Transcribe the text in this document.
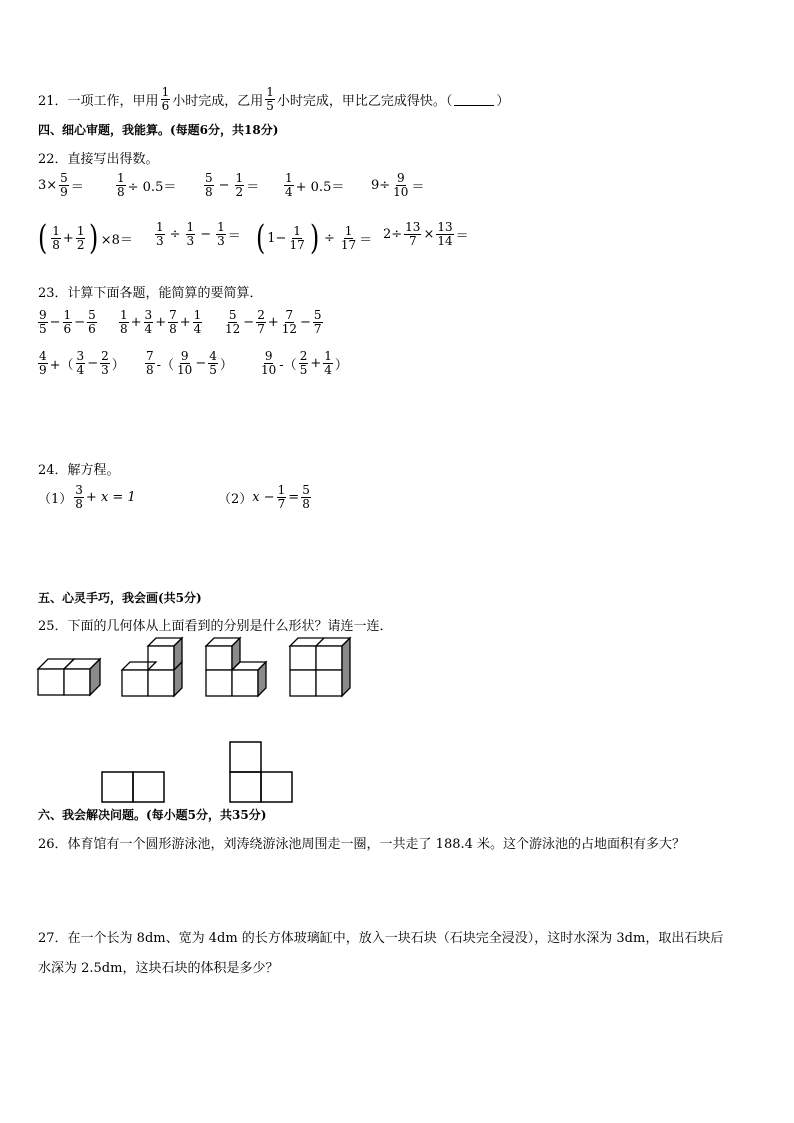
21． 一项工作，甲用 $\frac{1}{6}$ 小时完成，乙用 $\frac{1}{5}$ 小时完成，甲比乙完成得快。（	）
四、细心审题，我能算。(每题6分，共18分)
22．直接写出得数。
$3\times \frac{5}{9}$ ＝	$\frac{1}{8} \div 0.5= \frac{5}{8} - \frac{1}{2} = \frac{1}{4} + 0.5= 9\div \frac{9}{10}$ ＝
( $\frac{1}{8} + \frac{1}{2}$ ) $\times 8= \frac{1}{3} \div \frac{1}{3} - \frac{1}{3}$ ＝ ( $1- \frac{1}{17}$ ) ÷ $\frac{1}{17} = 2\div \frac{13}{7} \times \frac{13}{14}$ ＝
23．计算下面各题，能简算的要简算．
$\frac{9}{5} - \frac{1}{6} - \frac{5}{6} \frac{1}{8} + \frac{3}{4} + \frac{7}{8} + \frac{1}{4} \frac{5}{12} - \frac{2}{7} + \frac{7}{12} - \frac{5}{7}$
$\frac{4}{9}$ +（ $\frac{3}{4} - \frac{2}{3}$ ） $\frac{7}{8}$ -（ $\frac{9}{10} - \frac{4}{5}$ ） $\frac{9}{10}$ -（ $\frac{2}{5} + \frac{1}{4}$ ）
24．解方程。
$(1) \frac{3}{8} + x = 1$	（2） $x - \frac{1}{7} = \frac{5}{8}$
五、心灵手巧，我会画(共5分)
25．下面的几何体从上面看到的分别是什么形状？请连一连．
六、我会解决问题。(每小题5分，共35分)
26．体育馆有一个圆形游泳池，刘涛绕游泳池周围走一圈，一共走了 188.4 米。这个游泳池的占地面积有多大？
27．在一个长为 8dm、宽为 4dm 的长方体玻璃缸中，放入一块石块（石块完全浸没），这时水深为 3dm，取出石块后
水深为 2.5dm，这块石块的体积是多少？
